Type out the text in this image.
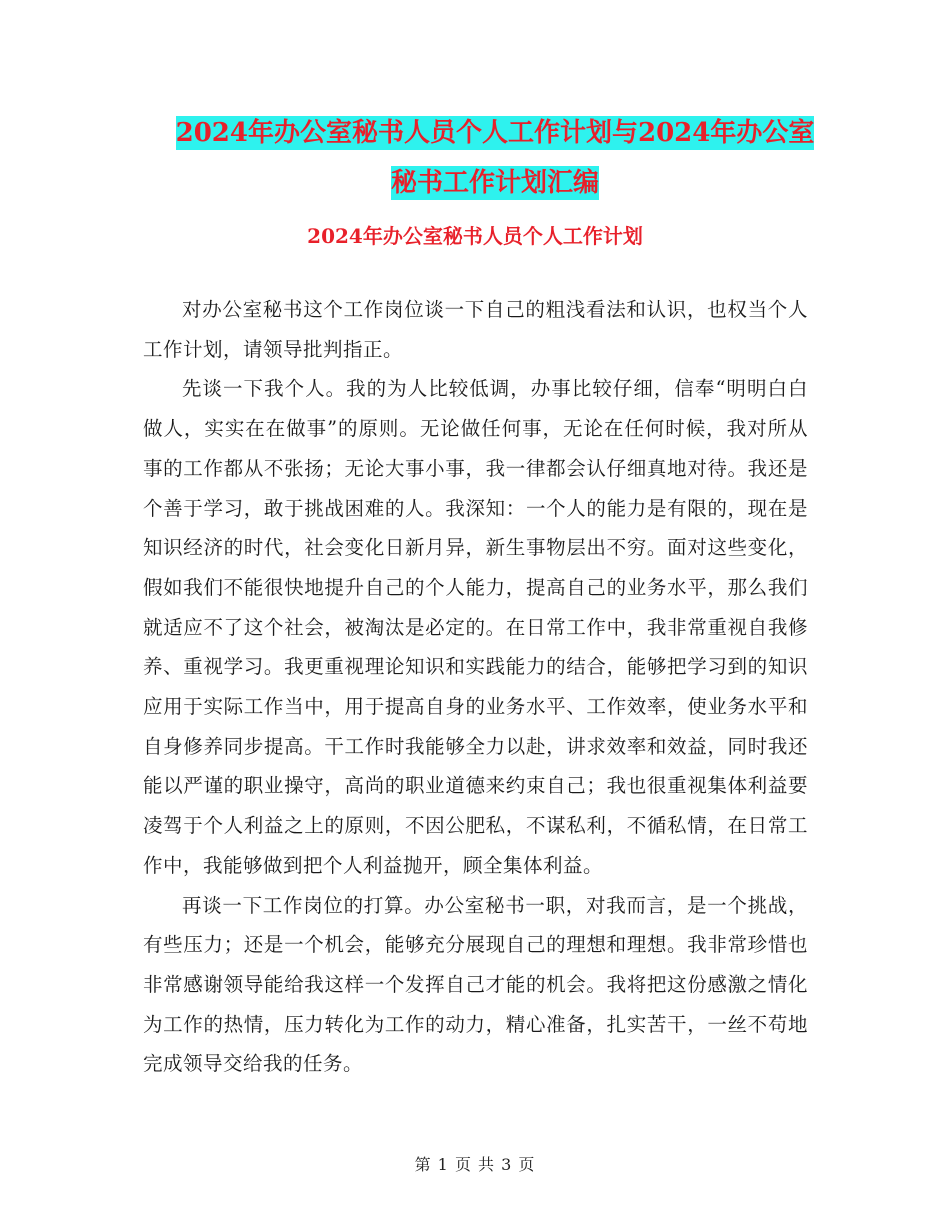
2024年办公室秘书人员个人工作计划与2024年办公室
秘书工作计划汇编
2024年办公室秘书人员个人工作计划

对办公室秘书这个工作岗位谈一下自己的粗浅看法和认识，也权当个人工作计划，请领导批判指正。

先谈一下我个人。我的为人比较低调，办事比较仔细，信奉“明明白白做人，实实在在做事”的原则。无论做任何事，无论在任何时候，我对所从事的工作都从不张扬；无论大事小事，我一律都会认仔细真地对待。我还是个善于学习，敢于挑战困难的人。我深知：一个人的能力是有限的，现在是知识经济的时代，社会变化日新月异，新生事物层出不穷。面对这些变化，假如我们不能很快地提升自己的个人能力，提高自己的业务水平，那么我们就适应不了这个社会，被淘汰是必定的。在日常工作中，我非常重视自我修养、重视学习。我更重视理论知识和实践能力的结合，能够把学习到的知识应用于实际工作当中，用于提高自身的业务水平、工作效率，使业务水平和自身修养同步提高。干工作时我能够全力以赴，讲求效率和效益，同时我还能以严谨的职业操守，高尚的职业道德来约束自己；我也很重视集体利益要凌驾于个人利益之上的原则，不因公肥私，不谋私利，不循私情，在日常工作中，我能够做到把个人利益抛开，顾全集体利益。

再谈一下工作岗位的打算。办公室秘书一职，对我而言，是一个挑战，有些压力；还是一个机会，能够充分展现自己的理想和理想。我非常珍惜也非常感谢领导能给我这样一个发挥自己才能的机会。我将把这份感激之情化为工作的热情，压力转化为工作的动力，精心准备，扎实苦干，一丝不苟地完成领导交给我的任务。

第 1 页 共 3 页
